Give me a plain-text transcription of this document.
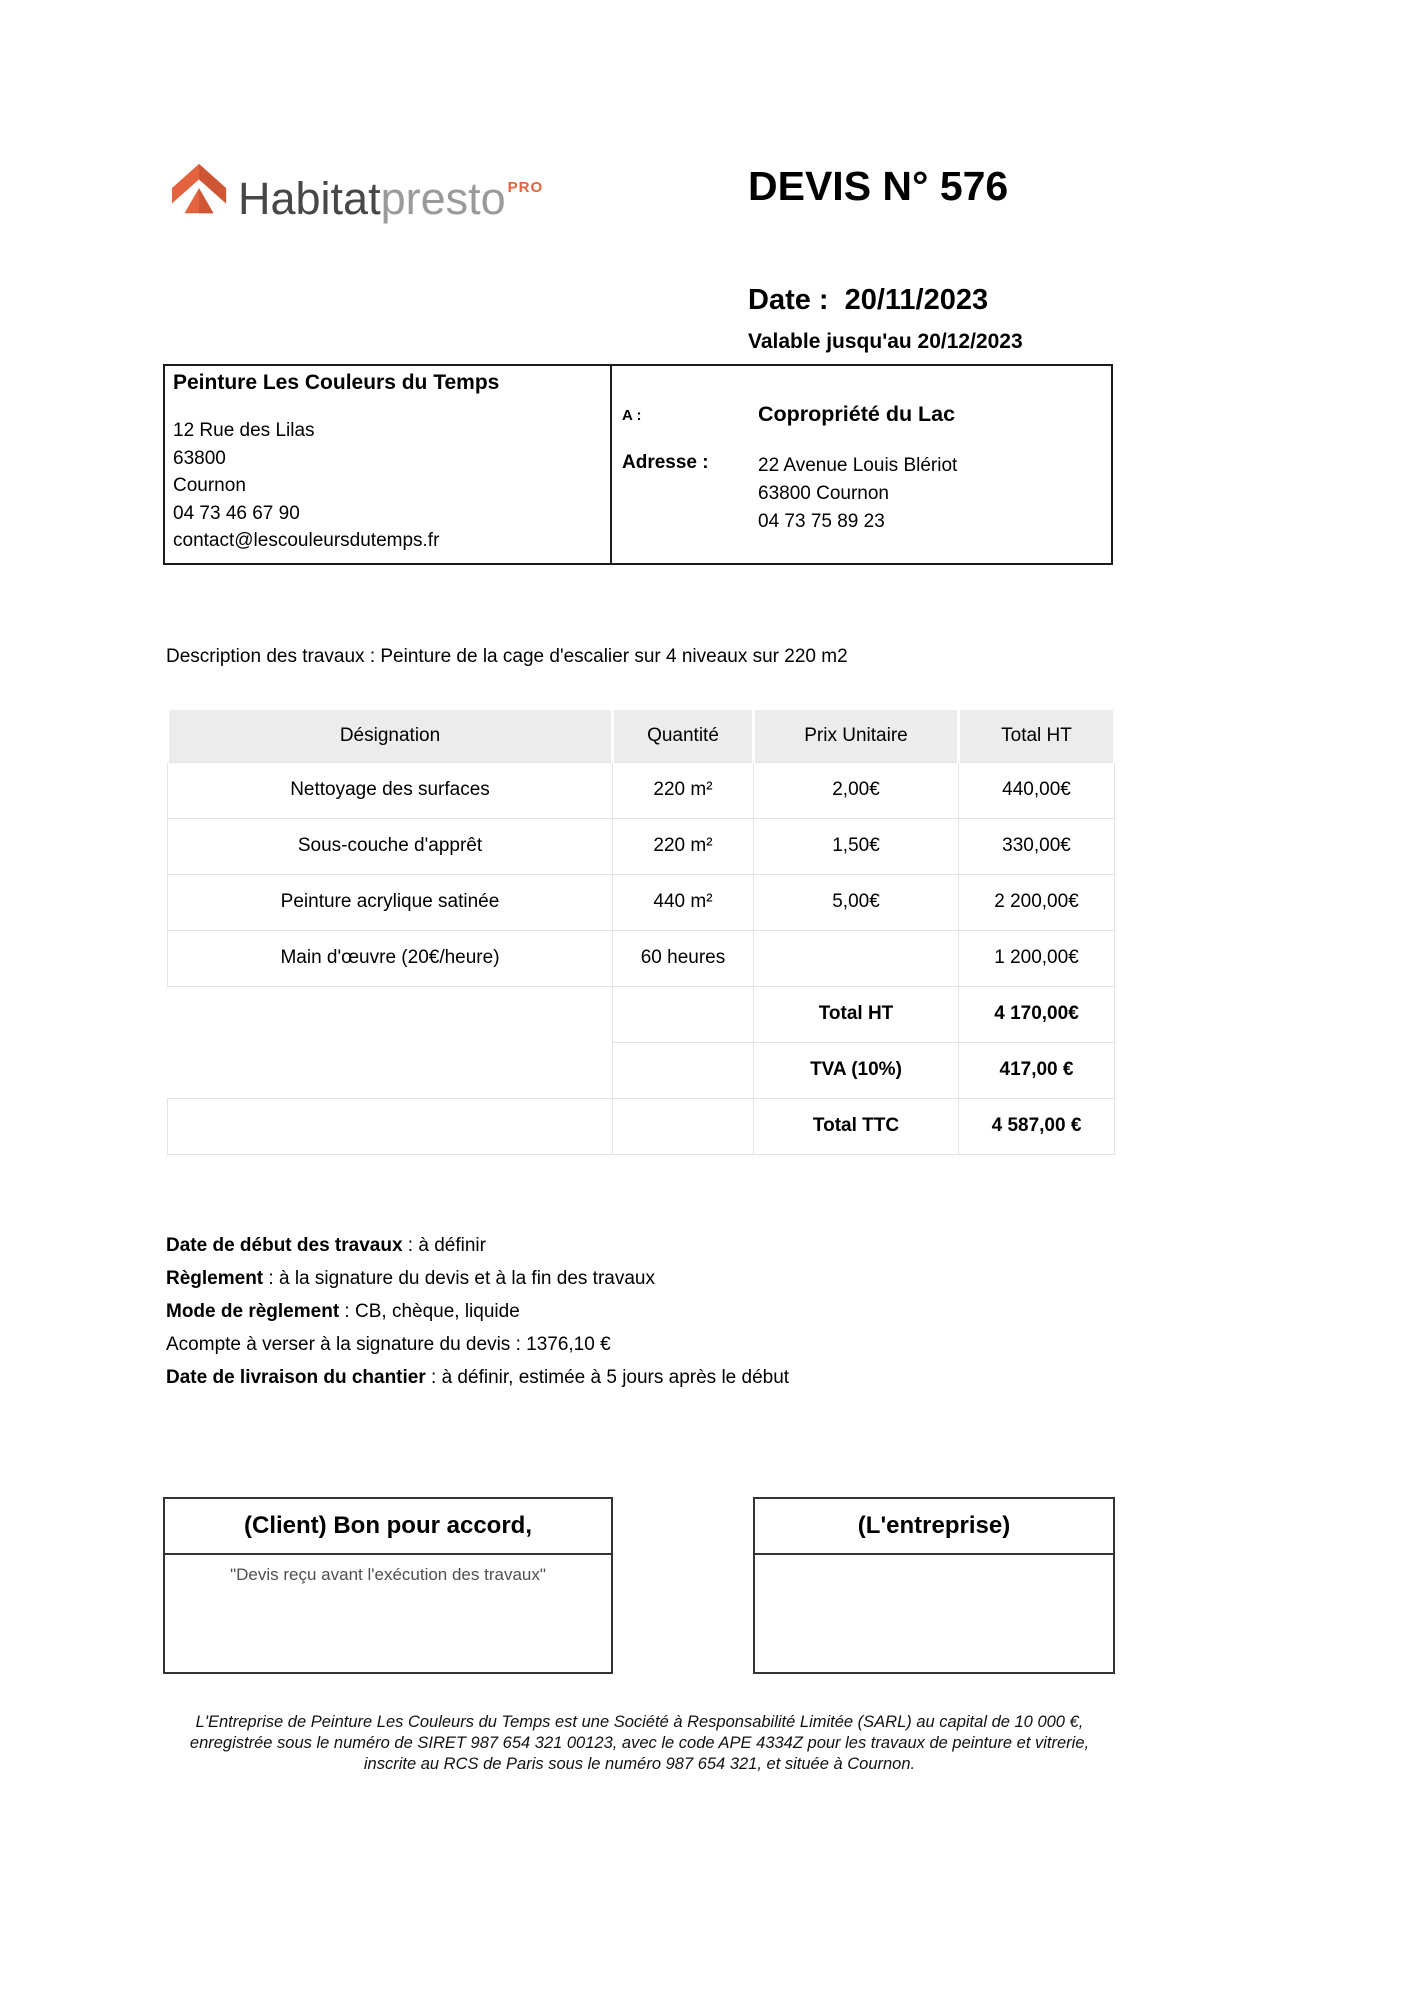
Habitatpresto $^{PRO}$	DEVIS N° 576
Date : 20/11/2023
Valable jusqu'au 20/12/2023
Peinture Les Couleurs du Temps
12 Rue des Lilas
63800
Cournon
04 73 46 67 90
contact@lescouleursdutemps.fr
A :	Copropriété du Lac
Adresse :	22 Avenue Louis Blériot
63800 Cournon
04 73 75 89 23
Description des travaux : Peinture de la cage d'escalier sur 4 niveaux sur 220 m2
Désignation	Quantité	Prix Unitaire	Total HT
Nettoyage des surfaces	220 m²	2,00€	440,00€
Sous-couche d'apprêt	220 m²	1,50€	330,00€
Peinture acrylique satinée	440 m²	5,00€	2 200,00€
Main d'œuvre (20€/heure)	60 heures		1 200,00€
		Total HT	4 170,00€
		TVA (10%)	417,00 €
		Total TTC	4 587,00 €
Date de début des travaux : à définir
Règlement : à la signature du devis et à la fin des travaux
Mode de règlement : CB, chèque, liquide
Acompte à verser à la signature du devis : 1376,10 €
Date de livraison du chantier : à définir, estimée à 5 jours après le début
(Client) Bon pour accord,
"Devis reçu avant l'exécution des travaux"
(L'entreprise)
L'Entreprise de Peinture Les Couleurs du Temps est une Société à Responsabilité Limitée (SARL) au capital de 10 000 €, enregistrée sous le numéro de SIRET 987 654 321 00123, avec le code APE 4334Z pour les travaux de peinture et vitrerie, inscrite au RCS de Paris sous le numéro 987 654 321, et située à Cournon.
